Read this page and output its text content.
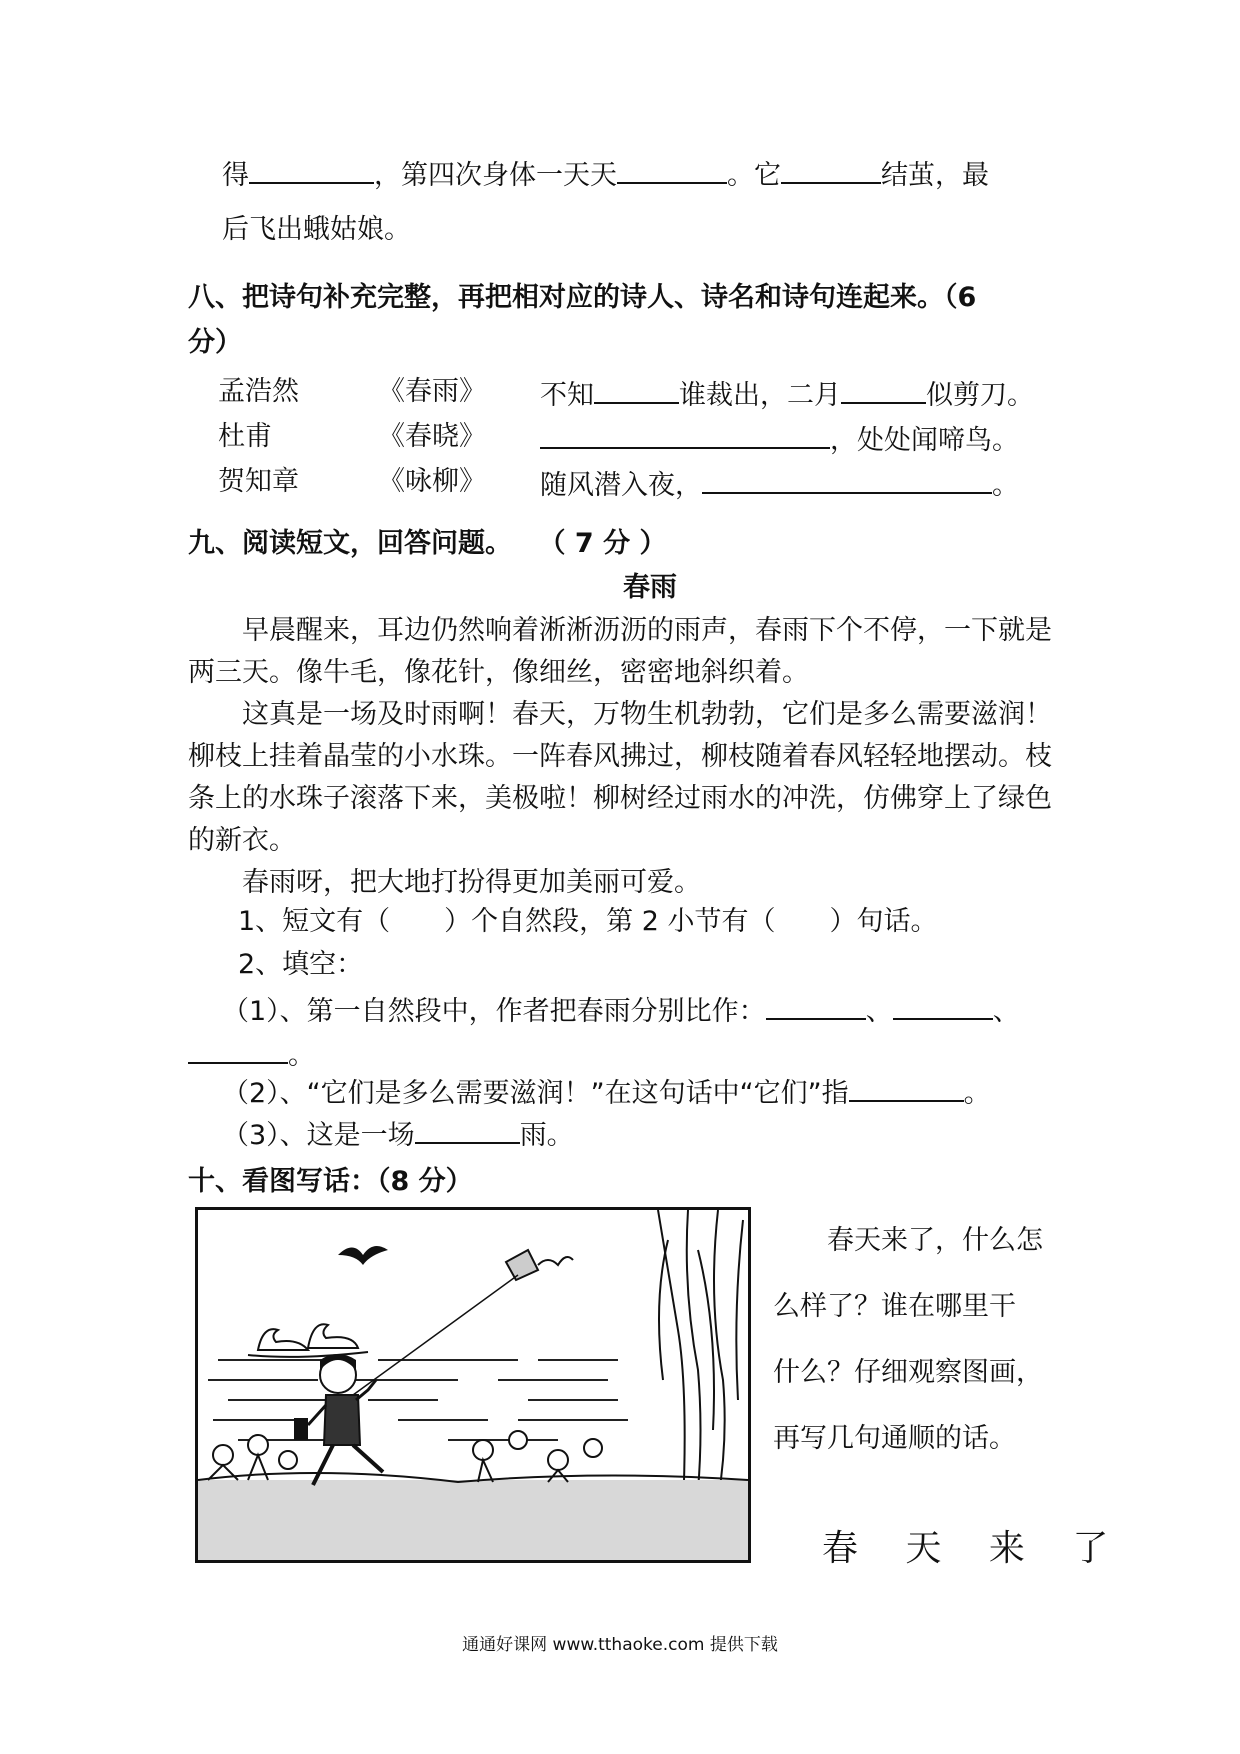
得	，第四次身体一天天	。它	结茧，最
后飞出蛾姑娘。
八、把诗句补充完整，再把相对应的诗人、诗名和诗句连起来。（6
分）
孟浩然	《春雨》 不知	谁裁出，二月	似剪刀。
杜甫	《春晓》	，处处闻啼鸟。
贺知章	《咏柳》 随风潜入夜，	。
九、阅读短文，回答问题。 （ 7 分 ）
春雨
早晨醒来，耳边仍然响着淅淅沥沥的雨声，春雨下个不停，一下就是两三天。像牛毛，像花针，像细丝，密密地斜织着。
这真是一场及时雨啊！春天，万物生机勃勃，它们是多么需要滋润！柳枝上挂着晶莹的小水珠。一阵春风拂过，柳枝随着春风轻轻地摆动。枝条上的水珠子滚落下来，美极啦！柳树经过雨水的冲洗，仿佛穿上了绿色的新衣。
春雨呀，把大地打扮得更加美丽可爱。
1、短文有（　　）个自然段，第 2 小节有（　　）句话。
2、填空：
（1）、第一自然段中，作者把春雨分别比作：	、	、
。
（2）、“它们是多么需要滋润！”在这句话中“它们”指	。
（3）、这是一场	雨。
十、看图写话：（8 分）
春天来了，什么怎
么样了？谁在哪里干
什么？仔细观察图画，
再写几句通顺的话。
春 天 来 了
通通好课网 www.tthaoke.com 提供下载
